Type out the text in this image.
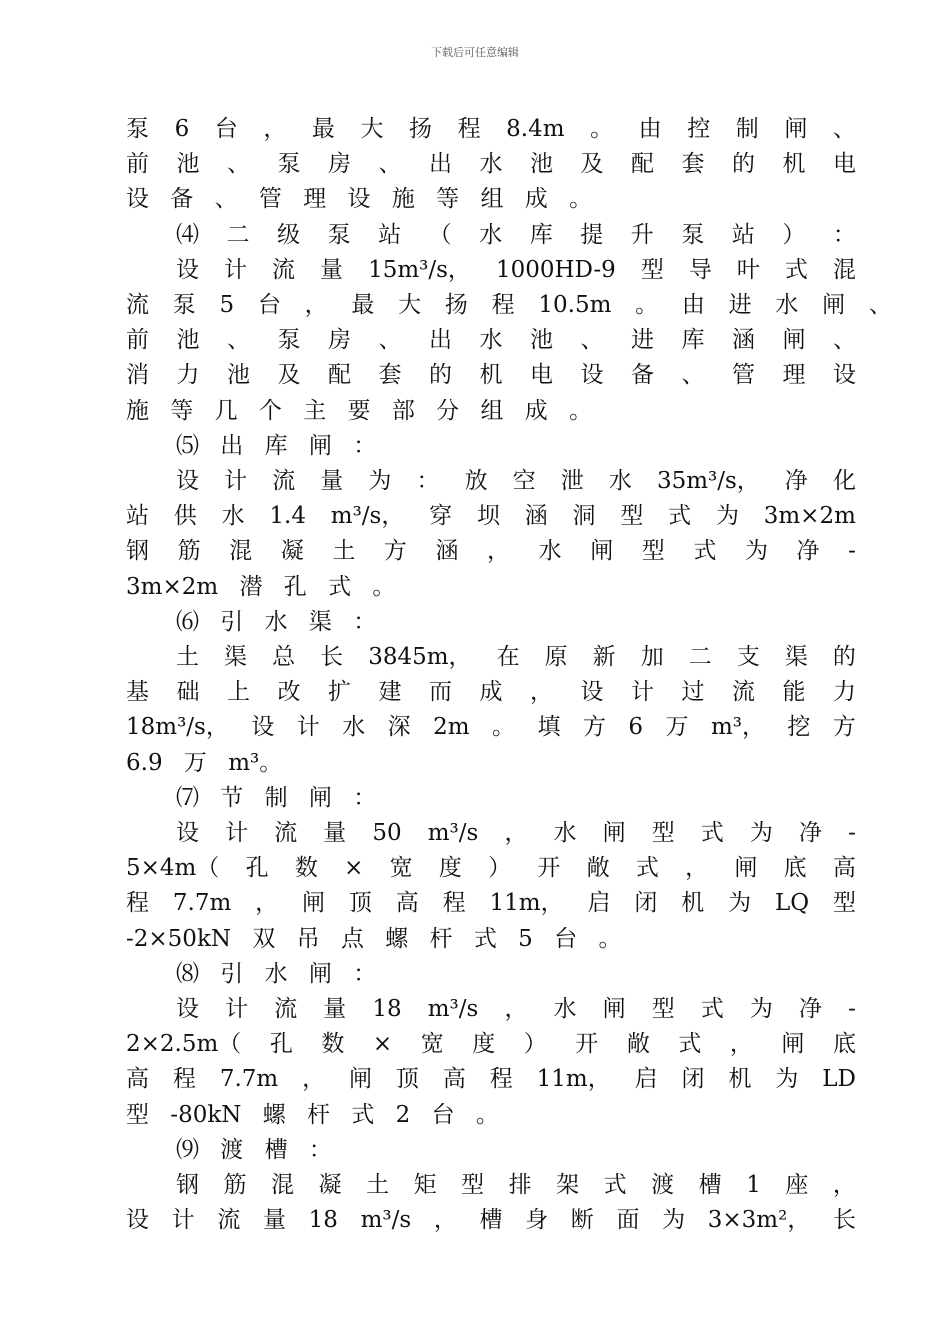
下载后可任意编辑
泵 6 台 ， 最 大 扬 程 8.4m 。 由 控 制 闸 、
前 池 、 泵 房 、 出 水 池 及 配 套 的 机 电
设 备 、 管 理 设 施 等 组 成 。
⑷ 二 级 泵 站 （ 水 库 提 升 泵 站 ） ：
设 计 流 量 15m³/s， 1000HD-9 型 导 叶 式 混
流 泵 5 台 ， 最 大 扬 程 10.5m 。 由 进 水 闸 、
前 池 、 泵 房 、 出 水 池 、 进 库 涵 闸 、
消 力 池 及 配 套 的 机 电 设 备 、 管 理 设
施 等 几 个 主 要 部 分 组 成 。
⑸ 出 库 闸 ：
设 计 流 量 为 ： 放 空 泄 水 35m³/s， 净 化
站 供 水 1.4 m³/s， 穿 坝 涵 洞 型 式 为 3m×2m
钢 筋 混 凝 土 方 涵 ， 水 闸 型 式 为 净 -
3m×2m 潜 孔 式 。
⑹ 引 水 渠 ：
土 渠 总 长 3845m， 在 原 新 加 二 支 渠 的
基 础 上 改 扩 建 而 成 ， 设 计 过 流 能 力
18m³/s， 设 计 水 深 2m 。 填 方 6 万 m³， 挖 方
6.9 万 m³。
⑺ 节 制 闸 ：
设 计 流 量 50 m³/s ， 水 闸 型 式 为 净 -
5×4m（ 孔 数 × 宽 度 ） 开 敞 式 ， 闸 底 高
程 7.7m ， 闸 顶 高 程 11m， 启 闭 机 为 LQ 型
-2×50kN 双 吊 点 螺 杆 式 5 台 。
⑻ 引 水 闸 ：
设 计 流 量 18 m³/s ， 水 闸 型 式 为 净 -
2×2.5m（ 孔 数 × 宽 度 ） 开 敞 式 ， 闸 底
高 程 7.7m ， 闸 顶 高 程 11m， 启 闭 机 为 LD
型 -80kN 螺 杆 式 2 台 。
⑼ 渡 槽 ：
钢 筋 混 凝 土 矩 型 排 架 式 渡 槽 1 座 ，
设 计 流 量 18 m³/s ， 槽 身 断 面 为 3×3m²， 长
